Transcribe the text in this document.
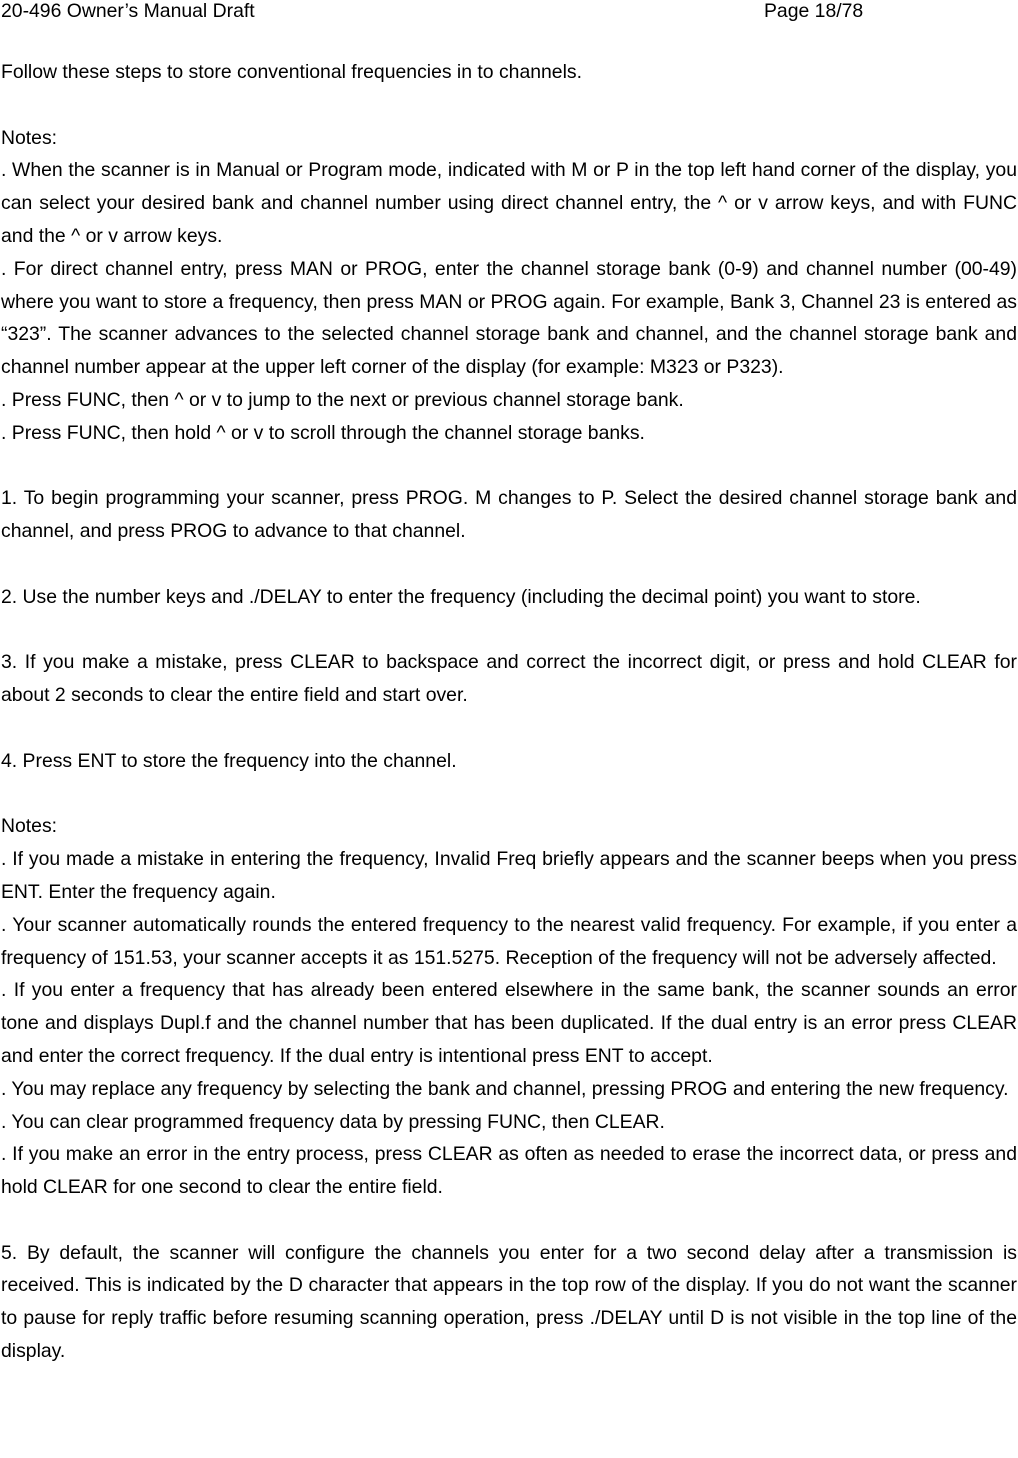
20-496 Owner’s Manual Draft	Page 18/78

Follow these steps to store conventional frequencies in to channels.

Notes:

. When the scanner is in Manual or Program mode, indicated with M or P in the top left hand corner of the display, you can select your desired bank and channel number using direct channel entry, the ^ or v arrow keys, and with FUNC and the ^ or v arrow keys.

. For direct channel entry, press MAN or PROG, enter the channel storage bank (0-9) and channel number (00-49) where you want to store a frequency, then press MAN or PROG again. For example, Bank 3, Channel 23 is entered as “323”. The scanner advances to the selected channel storage bank and channel, and the channel storage bank and channel number appear at the upper left corner of the display (for example: M323 or P323).

. Press FUNC, then ^ or v to jump to the next or previous channel storage bank.

. Press FUNC, then hold ^ or v to scroll through the channel storage banks.

1. To begin programming your scanner, press PROG. M changes to P. Select the desired channel storage bank and channel, and press PROG to advance to that channel.

2. Use the number keys and ./DELAY to enter the frequency (including the decimal point) you want to store.

3. If you make a mistake, press CLEAR to backspace and correct the incorrect digit, or press and hold CLEAR for about 2 seconds to clear the entire field and start over.

4. Press ENT to store the frequency into the channel.

Notes:

. If you made a mistake in entering the frequency, Invalid Freq briefly appears and the scanner beeps when you press ENT. Enter the frequency again.

. Your scanner automatically rounds the entered frequency to the nearest valid frequency. For example, if you enter a frequency of 151.53, your scanner accepts it as 151.5275. Reception of the frequency will not be adversely affected.

. If you enter a frequency that has already been entered elsewhere in the same bank, the scanner sounds an error tone and displays Dupl.f and the channel number that has been duplicated. If the dual entry is an error press CLEAR and enter the correct frequency. If the dual entry is intentional press ENT to accept.

. You may replace any frequency by selecting the bank and channel, pressing PROG and entering the new frequency.

. You can clear programmed frequency data by pressing FUNC, then CLEAR.

. If you make an error in the entry process, press CLEAR as often as needed to erase the incorrect data, or press and hold CLEAR for one second to clear the entire field.

5. By default, the scanner will configure the channels you enter for a two second delay after a transmission is received. This is indicated by the D character that appears in the top row of the display. If you do not want the scanner to pause for reply traffic before resuming scanning operation, press ./DELAY until D is not visible in the top line of the display.
